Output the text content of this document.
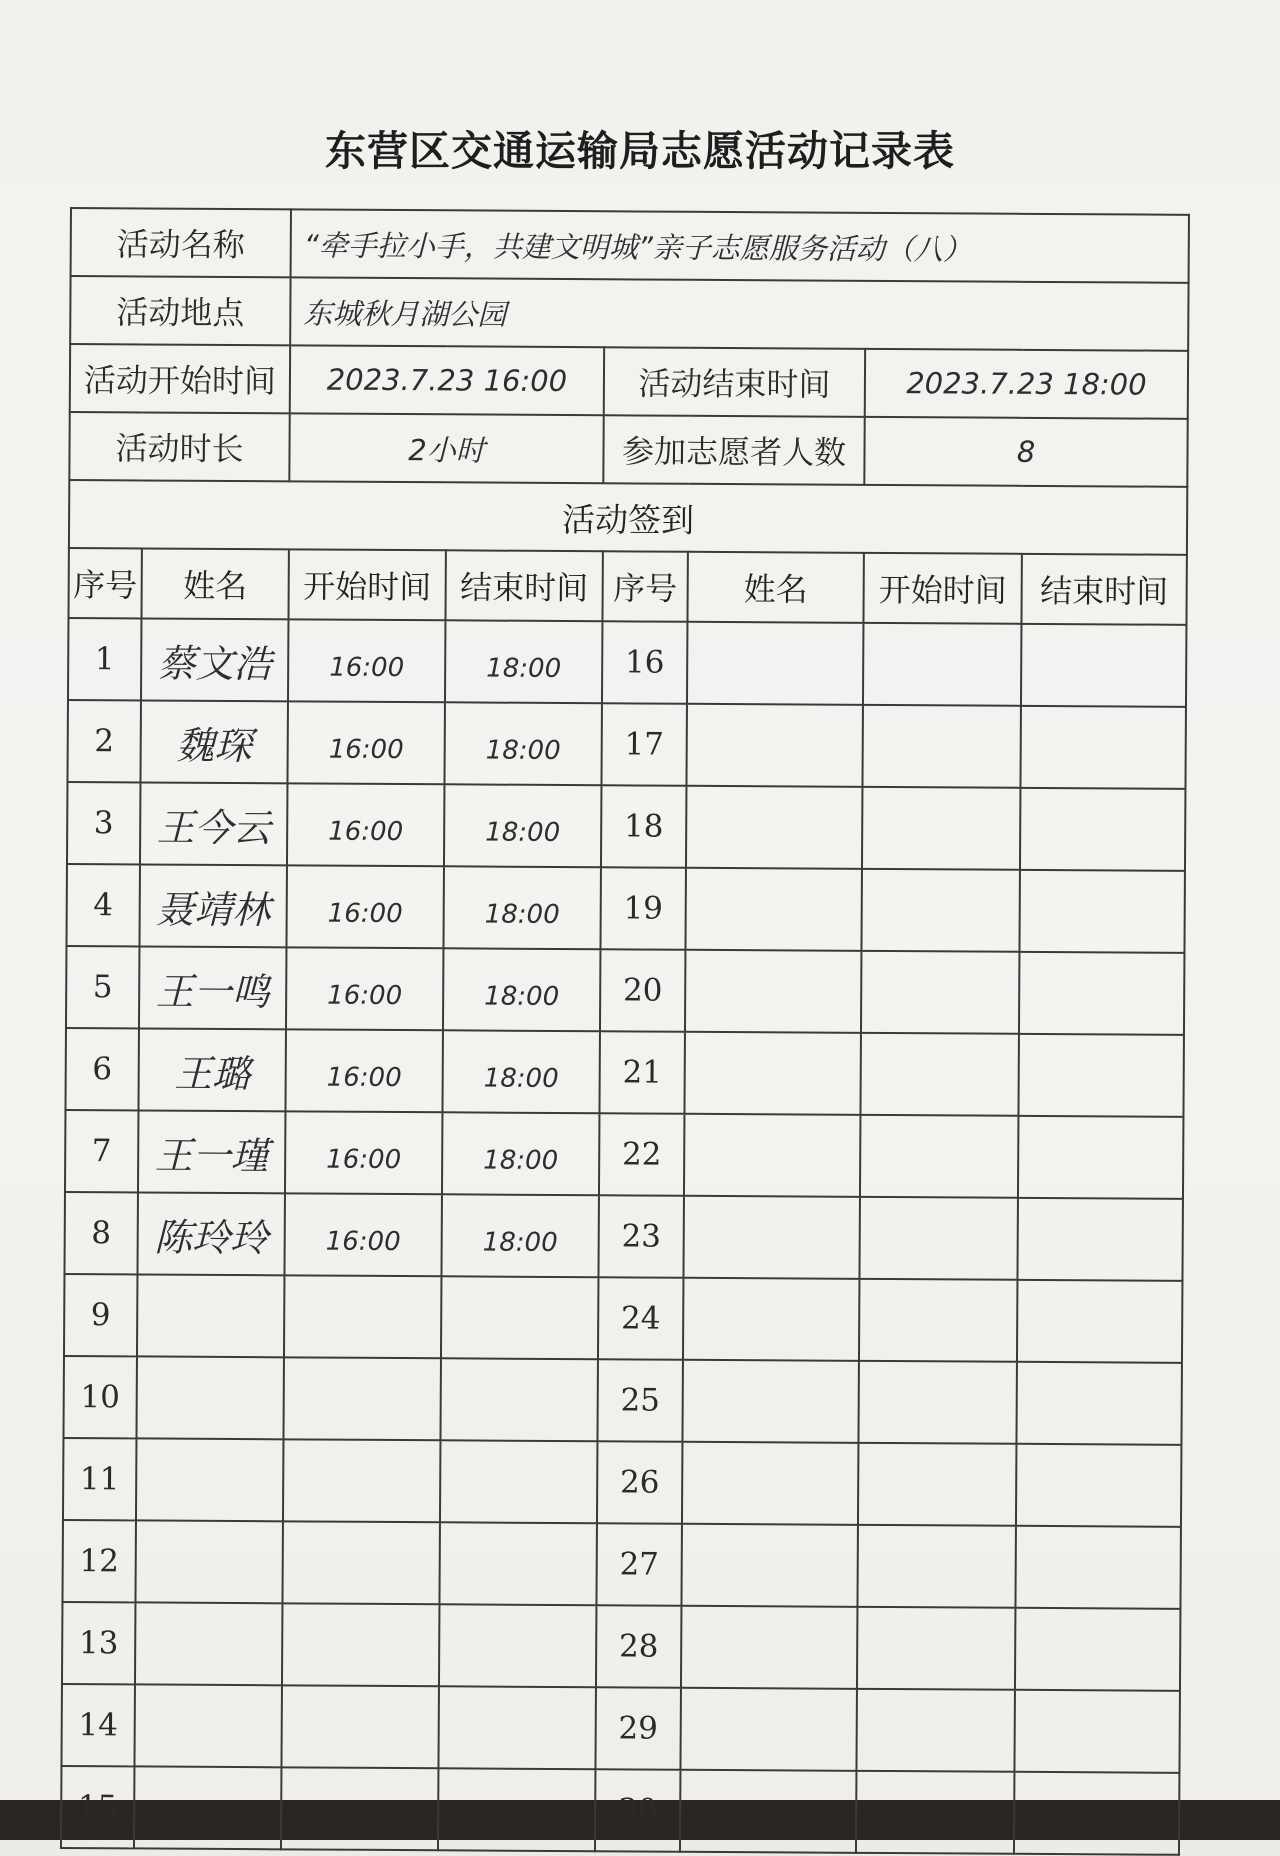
东营区交通运输局志愿活动记录表
活动名称		“牵手拉小手，共建文明城”亲子志愿服务活动（八）					
活动地点		东城秋月湖公园					
活动开始时间		2023.7.23 16:00		活动结束时间		2023.7.23 18:00	
活动时长		2小时		参加志愿者人数		8	
活动签到							
序号	姓名	开始时间	结束时间	序号	姓名	开始时间	结束时间
1	蔡文浩	16:00	18:00	16			
2	魏琛	16:00	18:00	17			
3	王今云	16:00	18:00	18			
4	聂靖林	16:00	18:00	19			
5	王一鸣	16:00	18:00	20			
6	王璐	16:00	18:00	21			
7	王一瑾	16:00	18:00	22			
8	陈玲玲	16:00	18:00	23			
9				24			
10				25			
11				26			
12				27			
13				28			
14				29			
15				30			
